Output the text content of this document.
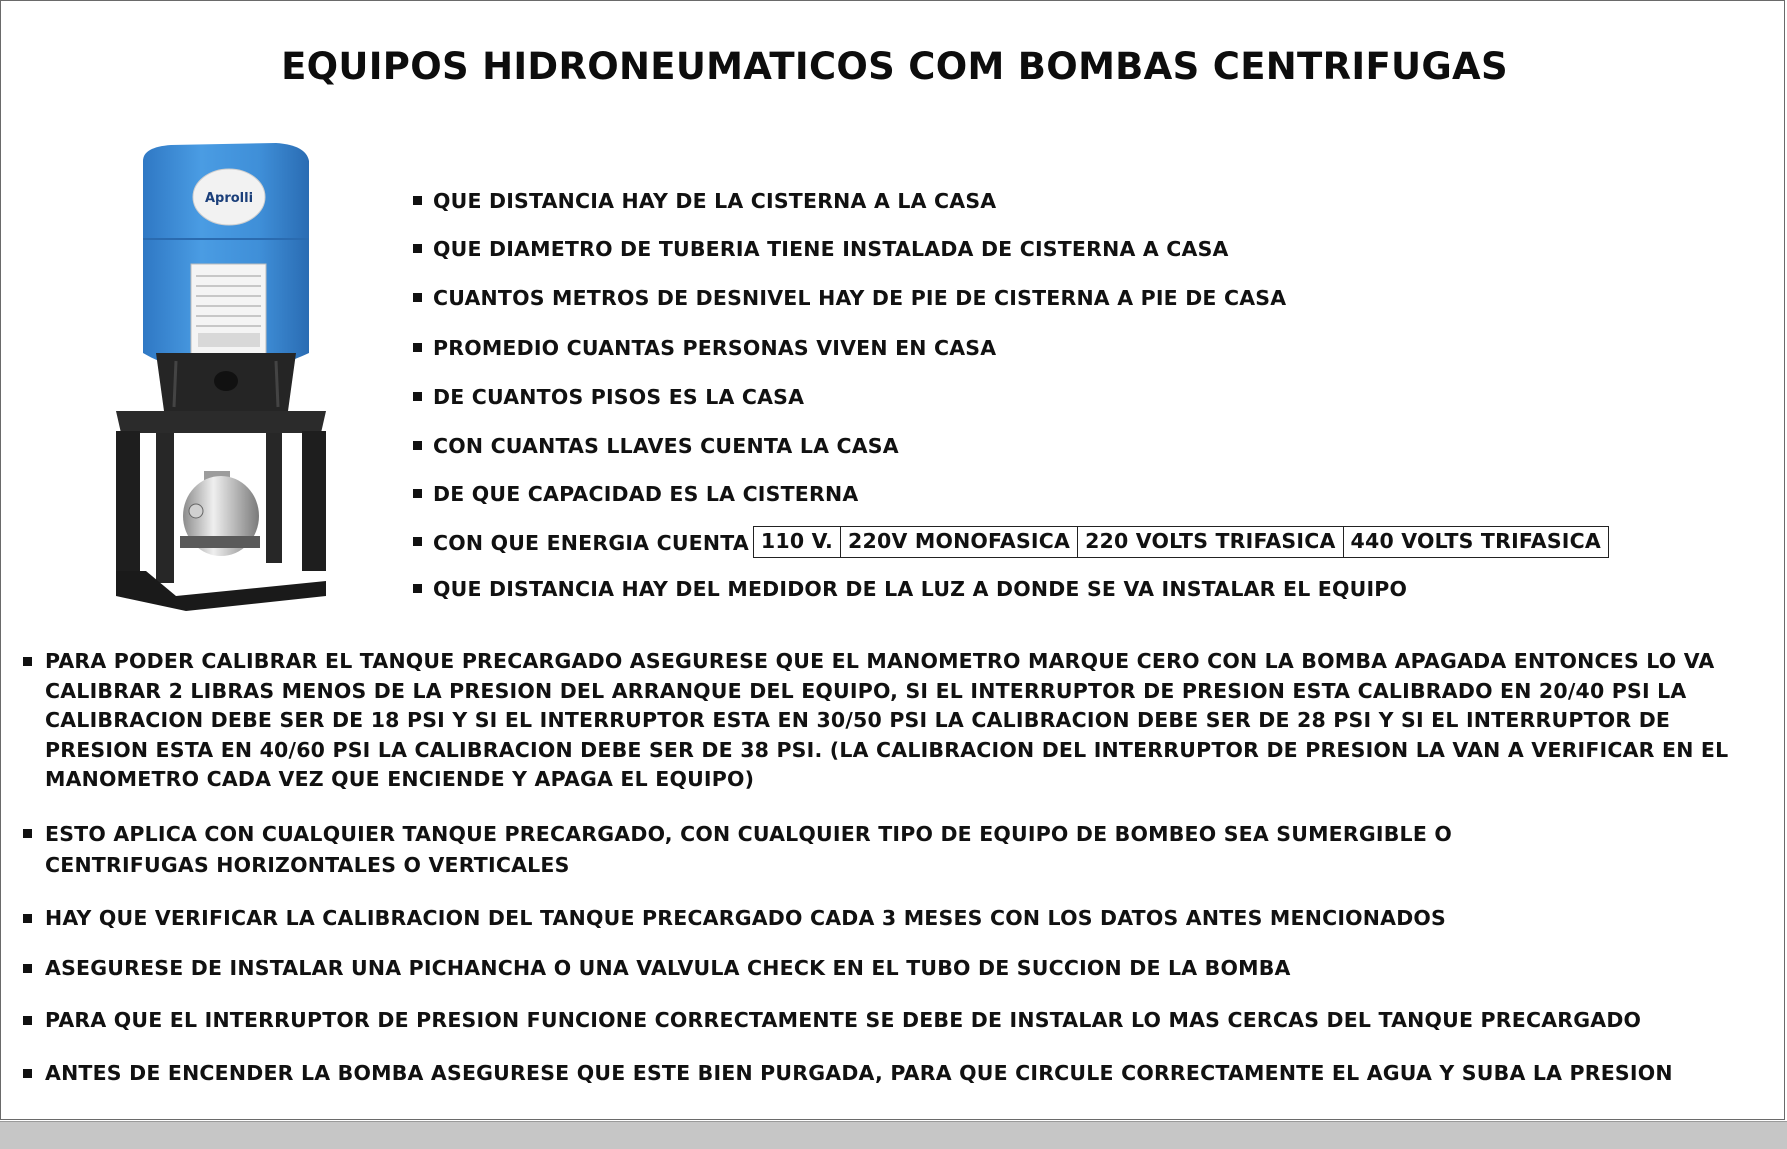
EQUIPOS HIDRONEUMATICOS COM BOMBAS CENTRIFUGAS
Aprolli	QUE DISTANCIA HAY DE LA CISTERNA A LA CASA
QUE DIAMETRO DE TUBERIA TIENE INSTALADA DE CISTERNA A CASA
CUANTOS METROS DE DESNIVEL HAY DE PIE DE CISTERNA A PIE DE CASA
PROMEDIO CUANTAS PERSONAS VIVEN EN CASA
DE CUANTOS PISOS ES LA CASA
CON CUANTAS LLAVES CUENTA LA CASA
DE QUE CAPACIDAD ES LA CISTERNA
CON QUE ENERGIA CUENTA 110 V. 220V MONOFASICA 220 VOLTS TRIFASICA 440 VOLTS TRIFASICA
QUE DISTANCIA HAY DEL MEDIDOR DE LA LUZ A DONDE SE VA INSTALAR EL EQUIPO
PARA PODER CALIBRAR EL TANQUE PRECARGADO ASEGURESE QUE EL MANOMETRO MARQUE CERO CON LA BOMBA APAGADA ENTONCES LO VA CALIBRAR 2 LIBRAS MENOS DE LA PRESION DEL ARRANQUE DEL EQUIPO, SI EL INTERRUPTOR DE PRESION ESTA CALIBRADO EN 20/40 PSI LA CALIBRACION DEBE SER DE 18 PSI Y SI EL INTERRUPTOR ESTA EN 30/50 PSI LA CALIBRACION DEBE SER DE 28 PSI Y SI EL INTERRUPTOR DE PRESION ESTA EN 40/60 PSI LA CALIBRACION DEBE SER DE 38 PSI. (LA CALIBRACION DEL INTERRUPTOR DE PRESION LA VAN A VERIFICAR EN EL MANOMETRO CADA VEZ QUE ENCIENDE Y APAGA EL EQUIPO)
ESTO APLICA CON CUALQUIER TANQUE PRECARGADO, CON CUALQUIER TIPO DE EQUIPO DE BOMBEO SEA SUMERGIBLE O CENTRIFUGAS HORIZONTALES O VERTICALES
HAY QUE VERIFICAR LA CALIBRACION DEL TANQUE PRECARGADO CADA 3 MESES CON LOS DATOS ANTES MENCIONADOS
ASEGURESE DE INSTALAR UNA PICHANCHA O UNA VALVULA CHECK EN EL TUBO DE SUCCION DE LA BOMBA
PARA QUE EL INTERRUPTOR DE PRESION FUNCIONE CORRECTAMENTE SE DEBE DE INSTALAR LO MAS CERCAS DEL TANQUE PRECARGADO
ANTES DE ENCENDER LA BOMBA ASEGURESE QUE ESTE BIEN PURGADA, PARA QUE CIRCULE CORRECTAMENTE EL AGUA Y SUBA LA PRESION
